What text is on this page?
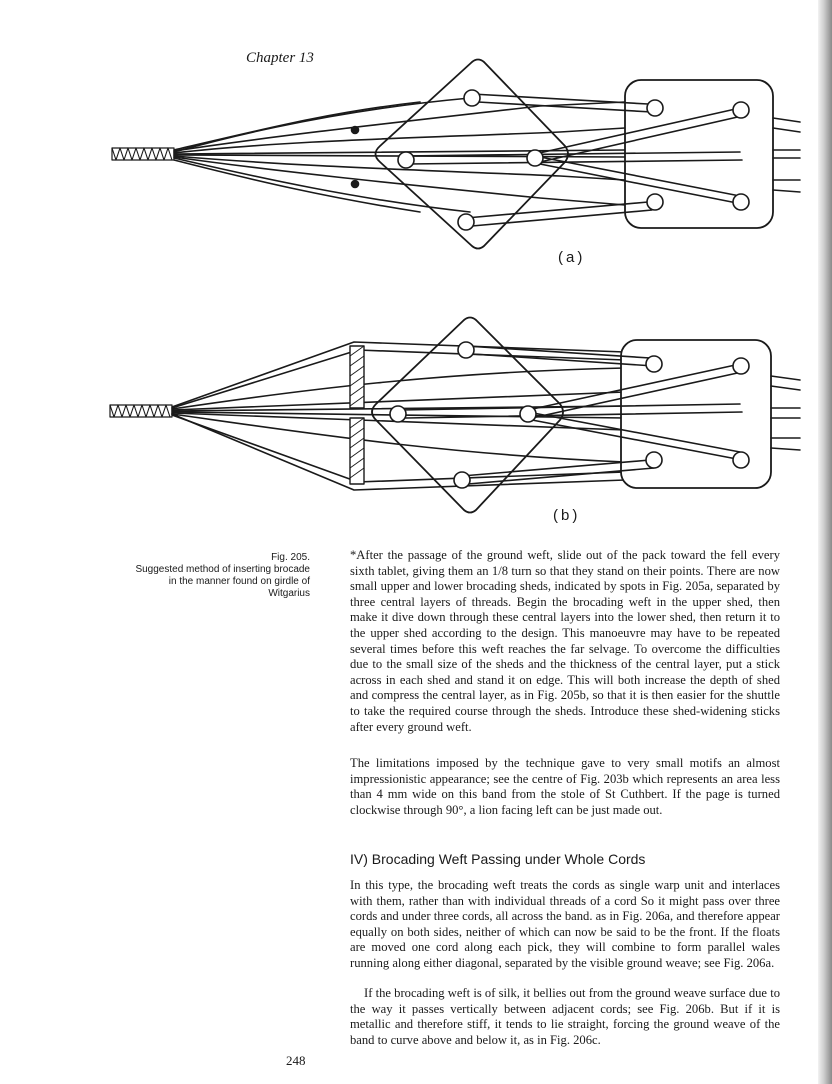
Chapter 13
(a)
(b)
Fig. 205.
Suggested method of inserting brocade
in the manner found on girdle of
Witgarius

*After the passage of the ground weft, slide out of the pack toward the fell every sixth tablet, giving them an 1/8 turn so that they stand on their points. There are now small upper and lower brocading sheds, indicated by spots in Fig. 205a, separated by three central layers of threads. Begin the brocading weft in the upper shed, then make it dive down through these central layers into the lower shed, then return it to the upper shed according to the design. This manoeuvre may have to be repeated several times before this weft reaches the far selvage. To overcome the difficulties due to the small size of the sheds and the thickness of the central layer, put a stick across in each shed and stand it on edge. This will both increase the depth of shed and compress the central layer, as in Fig. 205b, so that it is then easier for the shuttle to take the required course through the sheds. Introduce these shed-widening sticks after every ground weft.

The limitations imposed by the technique gave to very small motifs an almost impressionistic appearance; see the centre of Fig. 203b which represents an area less than 4 mm wide on this band from the stole of St Cuthbert. If the page is turned clockwise through 90°, a lion facing left can be just made out.

IV) Brocading Weft Passing under Whole Cords

In this type, the brocading weft treats the cords as single warp unit and interlaces with them, rather than with individual threads of a cord So it might pass over three cords and under three cords, all across the band. as in Fig. 206a, and therefore appear equally on both sides, neither of which can now be said to be the front. If the floats are moved one cord along each pick, they will combine to form parallel wales running along either diagonal, separated by the visible ground weave; see Fig. 206a.

If the brocading weft is of silk, it bellies out from the ground weave surface due to the way it passes vertically between adjacent cords; see Fig. 206b. But if it is metallic and therefore stiff, it tends to lie straight, forcing the ground weave of the band to curve above and below it, as in Fig. 206c.

248
